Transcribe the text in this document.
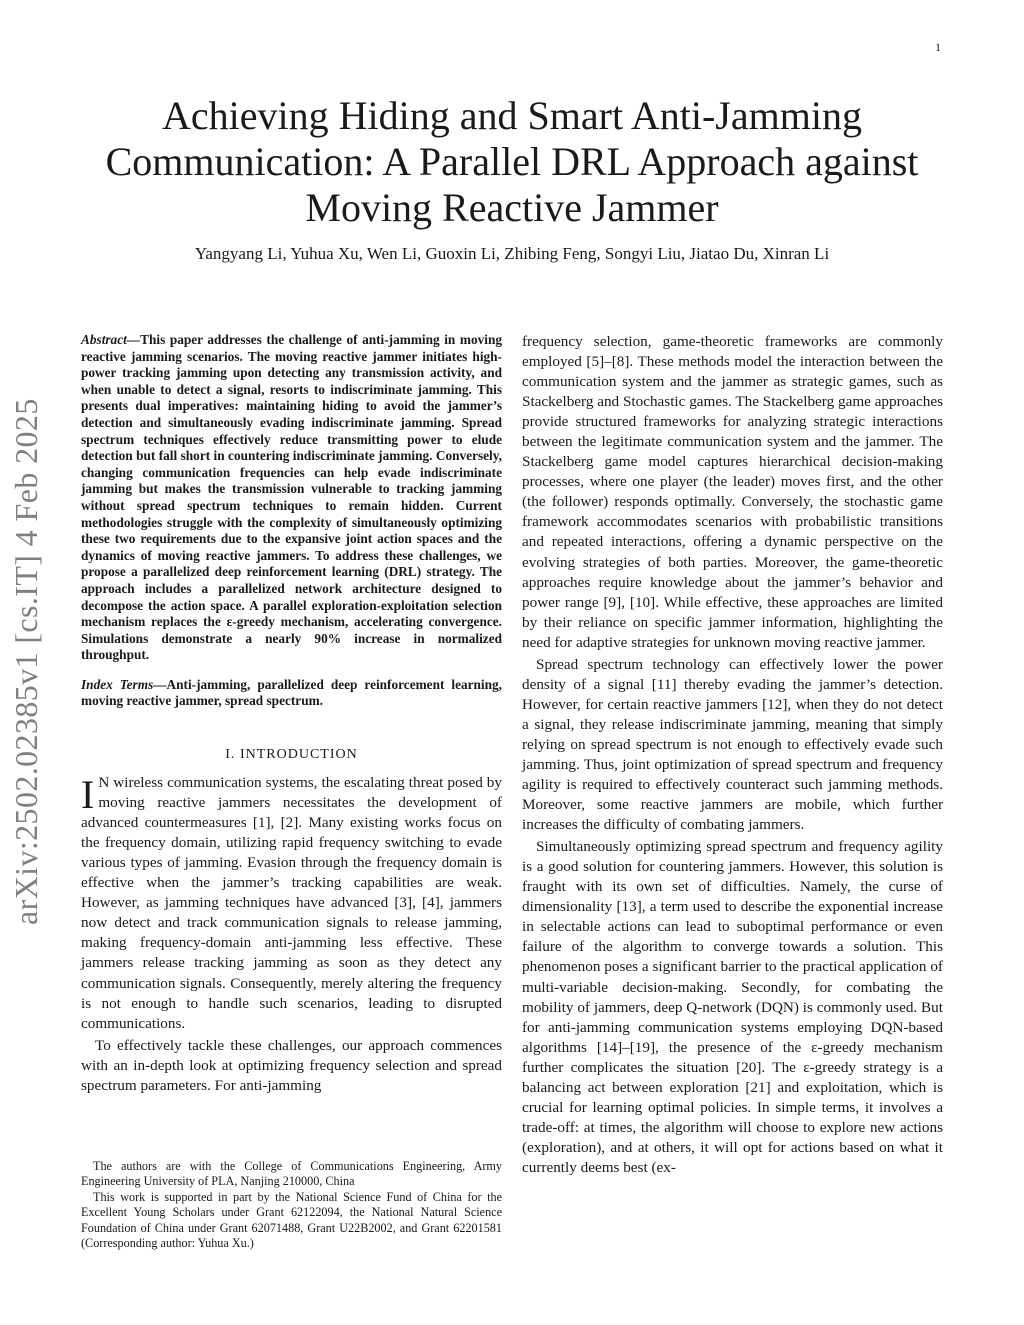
1
arXiv:2502.02385v1 [cs.IT] 4 Feb 2025
Achieving Hiding and Smart Anti-Jamming
Communication: A Parallel DRL Approach against
Moving Reactive Jammer
Yangyang Li, Yuhua Xu, Wen Li, Guoxin Li, Zhibing Feng, Songyi Liu, Jiatao Du, Xinran Li

Abstract—This paper addresses the challenge of anti-jamming in moving reactive jamming scenarios. The moving reactive jammer initiates high-power tracking jamming upon detecting any transmission activity, and when unable to detect a signal, resorts to indiscriminate jamming. This presents dual imperatives: maintaining hiding to avoid the jammer’s detection and simultaneously evading indiscriminate jamming. Spread spectrum techniques effectively reduce transmitting power to elude detection but fall short in countering indiscriminate jamming. Conversely, changing communication frequencies can help evade indiscriminate jamming but makes the transmission vulnerable to tracking jamming without spread spectrum techniques to remain hidden. Current methodologies struggle with the complexity of simultaneously optimizing these two requirements due to the expansive joint action spaces and the dynamics of moving reactive jammers. To address these challenges, we propose a parallelized deep reinforcement learning (DRL) strategy. The approach includes a parallelized network architecture designed to decompose the action space. A parallel exploration-exploitation selection mechanism replaces the ε-greedy mechanism, accelerating convergence. Simulations demonstrate a nearly 90% increase in normalized throughput.

Index Terms—Anti-jamming, parallelized deep reinforcement learning, moving reactive jammer, spread spectrum.

I. INTRODUCTION

I N wireless communication systems, the escalating threat posed by moving reactive jammers necessitates the development of advanced countermeasures [1], [2]. Many existing works focus on the frequency domain, utilizing rapid frequency switching to evade various types of jamming. Evasion through the frequency domain is effective when the jammer’s tracking capabilities are weak. However, as jamming techniques have advanced [3], [4], jammers now detect and track communication signals to release jamming, making frequency-domain anti-jamming less effective. These jammers release tracking jamming as soon as they detect any communication signals. Consequently, merely altering the frequency is not enough to handle such scenarios, leading to disrupted communications.

To effectively tackle these challenges, our approach commences with an in-depth look at optimizing frequency selection and spread spectrum parameters. For anti-jamming

The authors are with the College of Communications Engineering, Army Engineering University of PLA, Nanjing 210000, China

This work is supported in part by the National Science Fund of China for the Excellent Young Scholars under Grant 62122094, the National Natural Science Foundation of China under Grant 62071488, Grant U22B2002, and Grant 62201581 (Corresponding author: Yuhua Xu.)

frequency selection, game-theoretic frameworks are commonly employed [5]–[8]. These methods model the interaction between the communication system and the jammer as strategic games, such as Stackelberg and Stochastic games. The Stackelberg game approaches provide structured frameworks for analyzing strategic interactions between the legitimate communication system and the jammer. The Stackelberg game model captures hierarchical decision-making processes, where one player (the leader) moves first, and the other (the follower) responds optimally. Conversely, the stochastic game framework accommodates scenarios with probabilistic transitions and repeated interactions, offering a dynamic perspective on the evolving strategies of both parties. Moreover, the game-theoretic approaches require knowledge about the jammer’s behavior and power range [9], [10]. While effective, these approaches are limited by their reliance on specific jammer information, highlighting the need for adaptive strategies for unknown moving reactive jammer.

Spread spectrum technology can effectively lower the power density of a signal [11] thereby evading the jammer’s detection. However, for certain reactive jammers [12], when they do not detect a signal, they release indiscriminate jamming, meaning that simply relying on spread spectrum is not enough to effectively evade such jamming. Thus, joint optimization of spread spectrum and frequency agility is required to effectively counteract such jamming methods. Moreover, some reactive jammers are mobile, which further increases the difficulty of combating jammers.

Simultaneously optimizing spread spectrum and frequency agility is a good solution for countering jammers. However, this solution is fraught with its own set of difficulties. Namely, the curse of dimensionality [13], a term used to describe the exponential increase in selectable actions can lead to suboptimal performance or even failure of the algorithm to converge towards a solution. This phenomenon poses a significant barrier to the practical application of multi-variable decision-making. Secondly, for combating the mobility of jammers, deep Q-network (DQN) is commonly used. But for anti-jamming communication systems employing DQN-based algorithms [14]–[19], the presence of the ε-greedy mechanism further complicates the situation [20]. The ε-greedy strategy is a balancing act between exploration [21] and exploitation, which is crucial for learning optimal policies. In simple terms, it involves a trade-off: at times, the algorithm will choose to explore new actions (exploration), and at others, it will opt for actions based on what it currently deems best (ex-
